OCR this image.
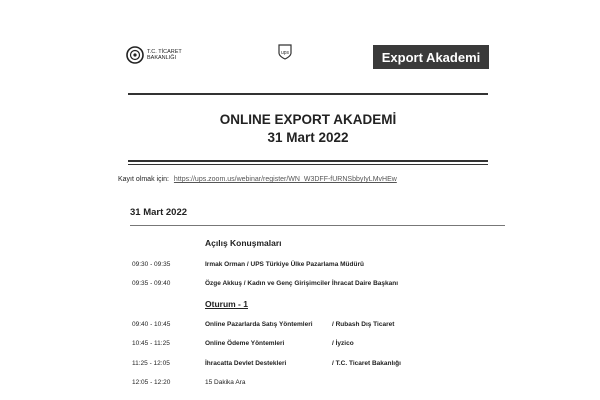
T.C. TİCARET
BAKANLIĞI
ups	Export Akademi
ONLINE EXPORT AKADEMİ
31 Mart 2022
Kayıt olmak için: https://ups.zoom.us/webinar/register/WN_W3DFF-fURNSbbyIyLMvHEw
31 Mart 2022
Açılış Konuşmaları
09:30 - 09:35	Irmak Orman / UPS Türkiye Ülke Pazarlama Müdürü
09:35 - 09:40	Özge Akkuş / Kadın ve Genç Girişimciler İhracat Daire Başkanı
Oturum - 1
09:40 - 10:45	Online Pazarlarda Satış Yöntemleri	/ Rubash Dış Ticaret
10:45 - 11:25	Online Ödeme Yöntemleri	/ İyzico
11:25 - 12:05	İhracatta Devlet Destekleri	/ T.C. Ticaret Bakanlığı
12:05 - 12:20	15 Dakika Ara
